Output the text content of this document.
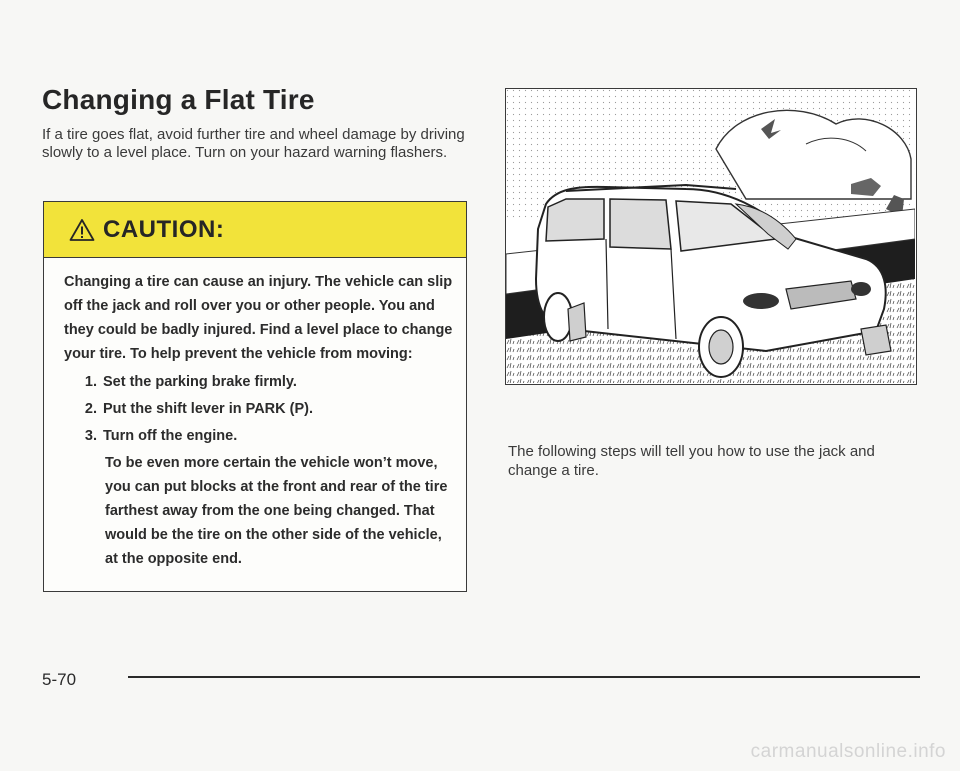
Changing a Flat Tire

If a tire goes flat, avoid further tire and wheel damage by driving slowly to a level place. Turn on your hazard warning flashers.

CAUTION:

Changing a tire can cause an injury. The vehicle can slip off the jack and roll over you or other people. You and they could be badly injured. Find a level place to change your tire. To help prevent the vehicle from moving:

1. Set the parking brake firmly.
2. Put the shift lever in PARK (P).
3. Turn off the engine.

To be even more certain the vehicle won’t move, you can put blocks at the front and rear of the tire farthest away from the one being changed. That would be the tire on the other side of the vehicle, at the opposite end.

The following steps will tell you how to use the jack and change a tire.

5-70
carmanualsonline.info
